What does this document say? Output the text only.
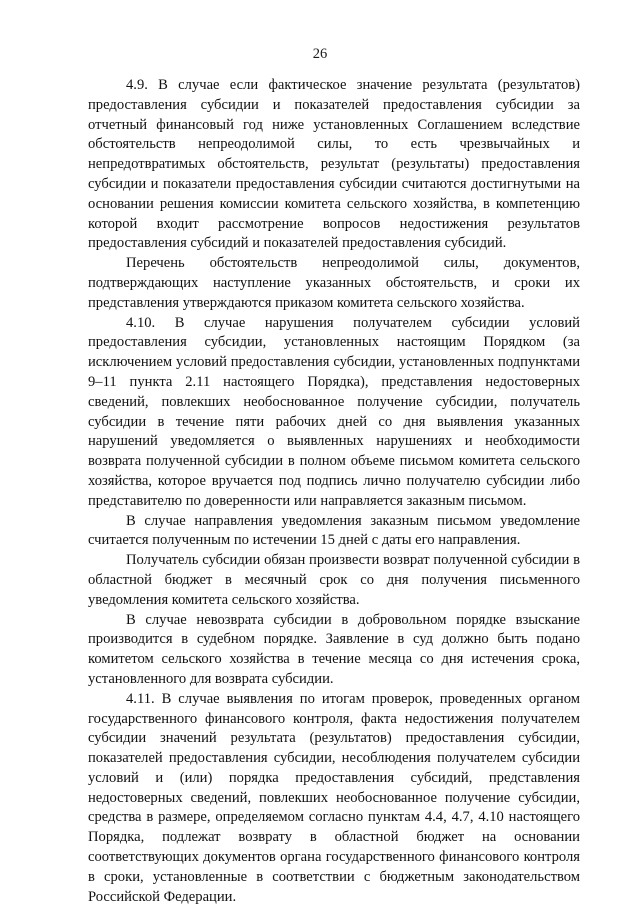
26

4.9. В случае если фактическое значение результата (результатов) предоставления субсидии и показателей предоставления субсидии за отчетный финансовый год ниже установленных Соглашением вследствие обстоятельств непреодолимой силы, то есть чрезвычайных и непредотвратимых обстоятельств, результат (результаты) предоставления субсидии и показатели предоставления субсидии считаются достигнутыми на основании решения комиссии комитета сельского хозяйства, в компетенцию которой входит рассмотрение вопросов недостижения результатов предоставления субсидий и показателей предоставления субсидий.

Перечень обстоятельств непреодолимой силы, документов, подтверждающих наступление указанных обстоятельств, и сроки их представления утверждаются приказом комитета сельского хозяйства.

4.10. В случае нарушения получателем субсидии условий предоставления субсидии, установленных настоящим Порядком (за исключением условий предоставления субсидии, установленных подпунктами 9–11 пункта 2.11 настоящего Порядка), представления недостоверных сведений, повлекших необоснованное получение субсидии, получатель субсидии в течение пяти рабочих дней со дня выявления указанных нарушений уведомляется о выявленных нарушениях и необходимости возврата полученной субсидии в полном объеме письмом комитета сельского хозяйства, которое вручается под подпись лично получателю субсидии либо представителю по доверенности или направляется заказным письмом.

В случае направления уведомления заказным письмом уведомление считается полученным по истечении 15 дней с даты его направления.

Получатель субсидии обязан произвести возврат полученной субсидии в областной бюджет в месячный срок со дня получения письменного уведомления комитета сельского хозяйства.

В случае невозврата субсидии в добровольном порядке взыскание производится в судебном порядке. Заявление в суд должно быть подано комитетом сельского хозяйства в течение месяца со дня истечения срока, установленного для возврата субсидии.

4.11. В случае выявления по итогам проверок, проведенных органом государственного финансового контроля, факта недостижения получателем субсидии значений результата (результатов) предоставления субсидии, показателей предоставления субсидии, несоблюдения получателем субсидии условий и (или) порядка предоставления субсидий, представления недостоверных сведений, повлекших необоснованное получение субсидии, средства в размере, определяемом согласно пунктам 4.4, 4.7, 4.10 настоящего Порядка, подлежат возврату в областной бюджет на основании соответствующих документов органа государственного финансового контроля в сроки, установленные в соответствии с бюджетным законодательством Российской Федерации.
